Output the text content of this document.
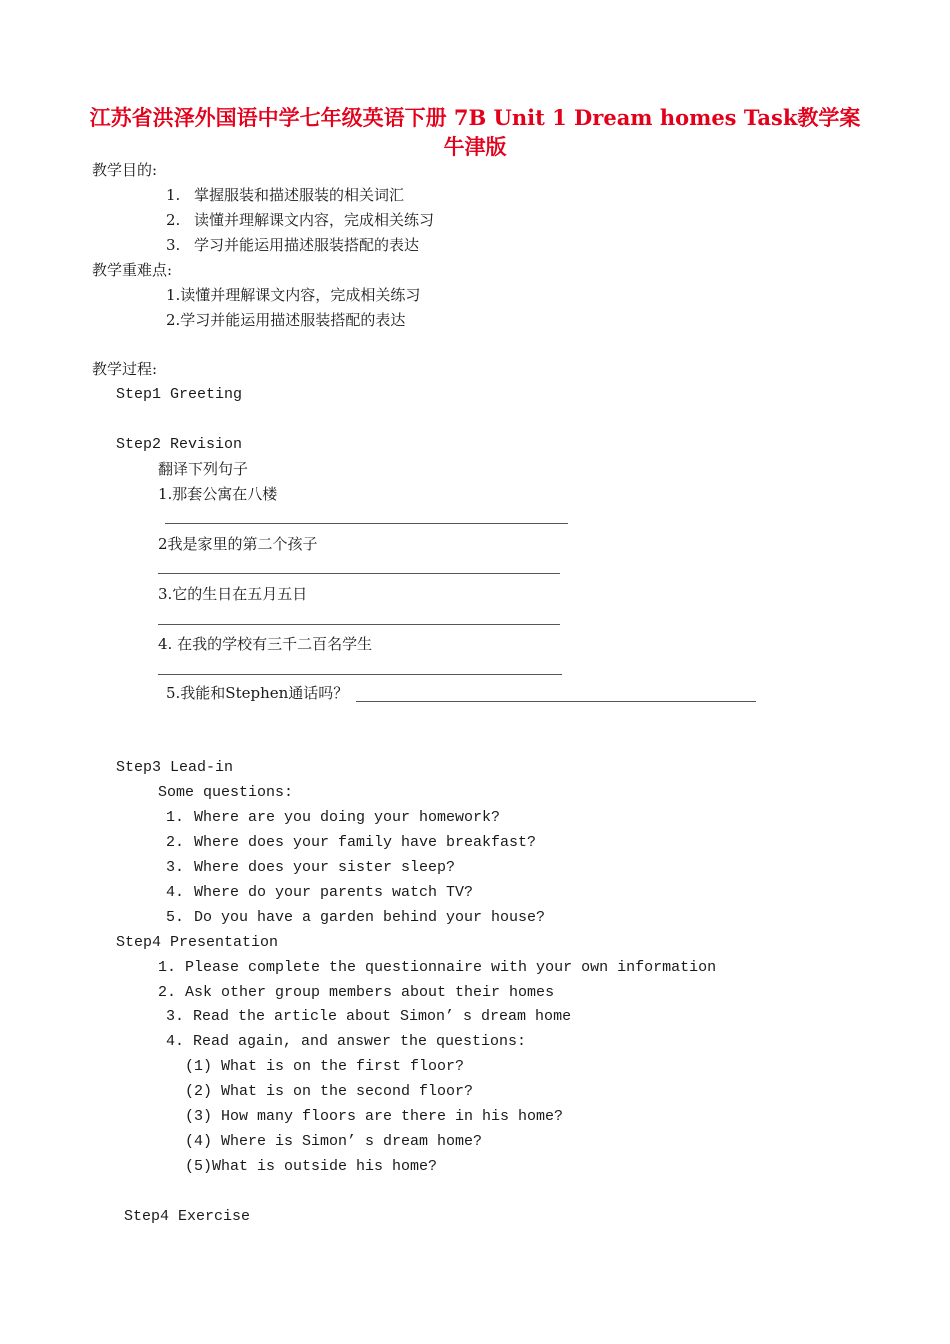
江苏省洪泽外国语中学七年级英语下册 7B Unit 1 Dream homes Task教学案
牛津版
教学目的:
1. 掌握服装和描述服装的相关词汇
2. 读懂并理解课文内容，完成相关练习
3. 学习并能运用描述服装搭配的表达
教学重难点:
1.读懂并理解课文内容，完成相关练习
2.学习并能运用描述服装搭配的表达
教学过程:
Step1 Greeting
Step2 Revision
翻译下列句子
1.那套公寓在八楼
2我是家里的第二个孩子
3.它的生日在五月五日
4. 在我的学校有三千二百名学生
5.我能和Stephen通话吗？
Step3 Lead-in
Some questions:
1. Where are you doing your homework?
2. Where does your family have breakfast?
3. Where does your sister sleep?
4. Where do your parents watch TV?
5. Do you have a garden behind your house?
Step4 Presentation
1. Please complete the questionnaire with your own information
2. Ask other group members about their homes
3. Read the article about Simon’ s dream home
4. Read again, and answer the questions:
(1) What is on the first floor?
(2) What is on the second floor?
(3) How many floors are there in his home?
(4) Where is Simon’ s dream home?
(5)What is outside his home?
Step4 Exercise
